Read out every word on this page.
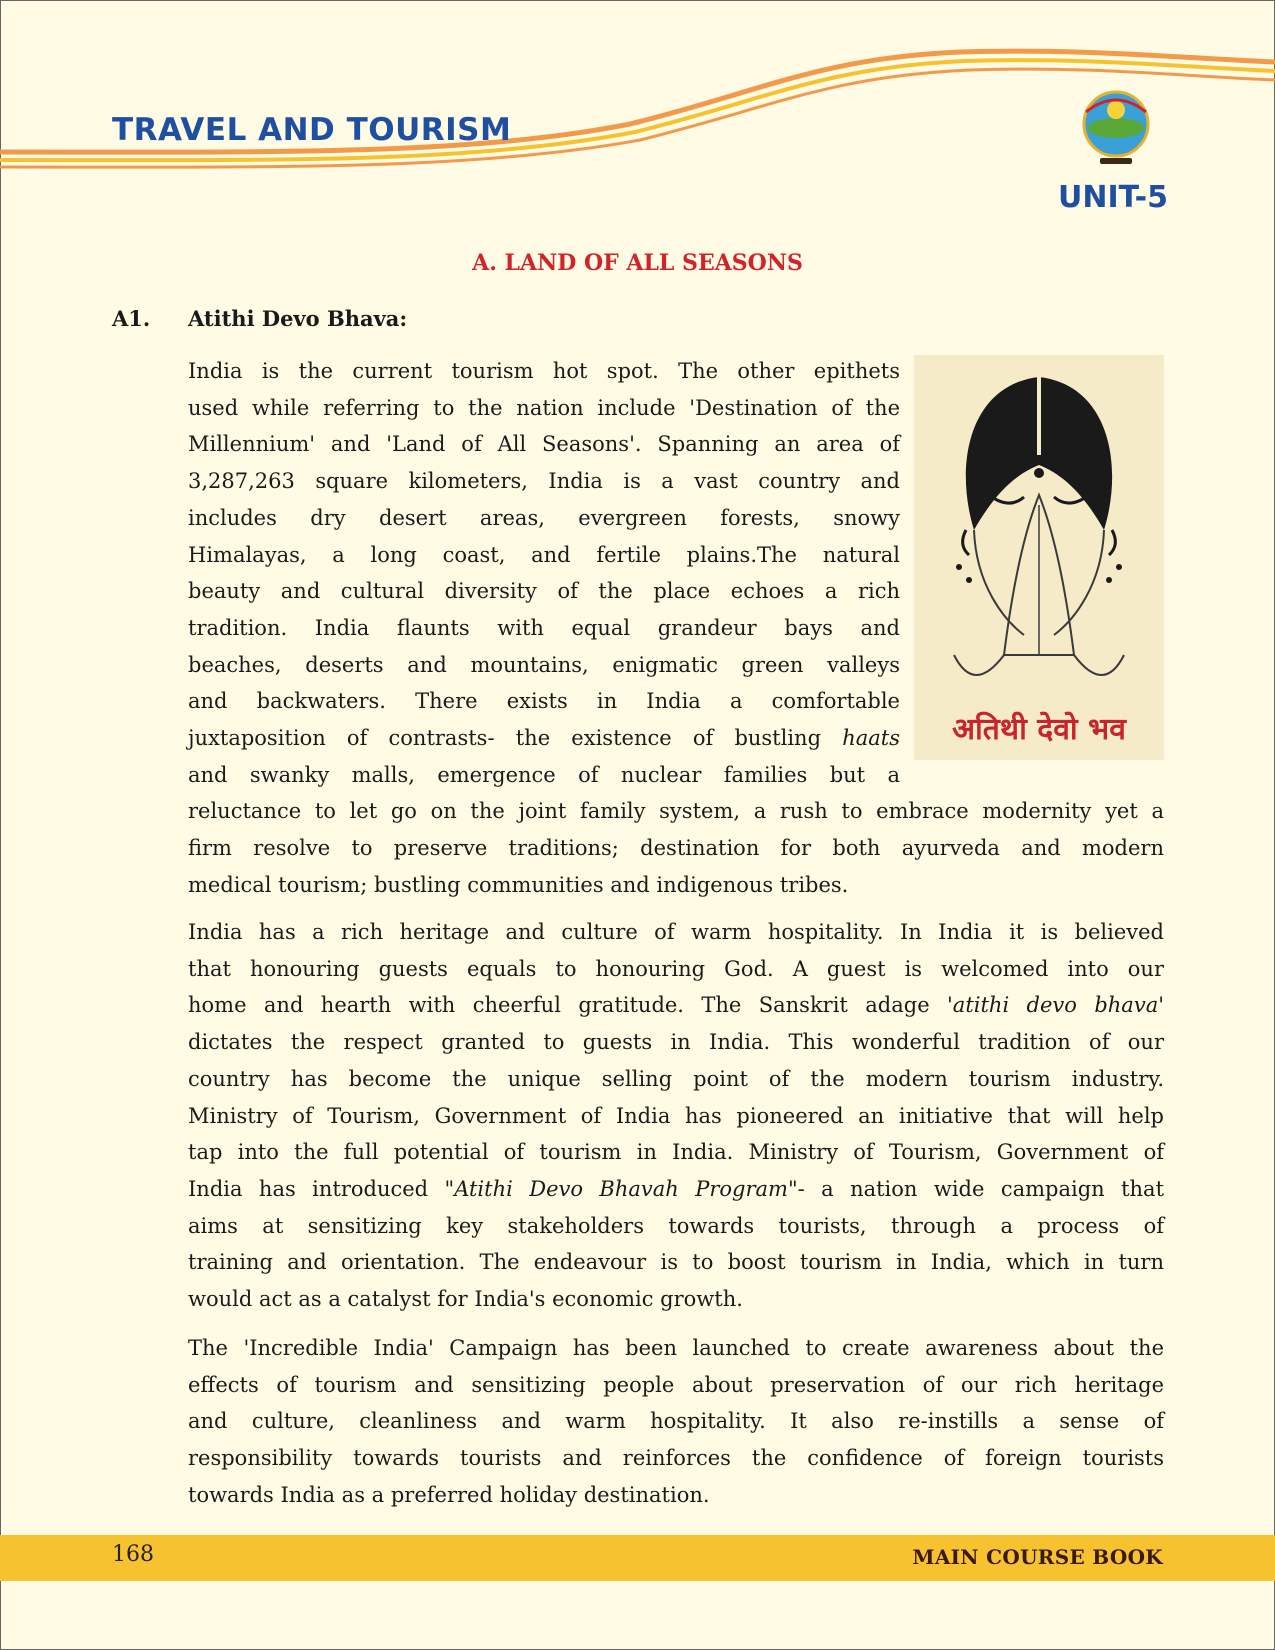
TRAVEL AND TOURISM
UNIT-5
A. LAND OF ALL SEASONS
A1. Atithi Devo Bhava:
अतिथी देवो भव
India is the current tourism hot spot. The other epithets
used while referring to the nation include 'Destination of the
Millennium' and 'Land of All Seasons'. Spanning an area of
3,287,263 square kilometers, India is a vast country and
includes dry desert areas, evergreen forests, snowy
Himalayas, a long coast, and fertile plains.The natural
beauty and cultural diversity of the place echoes a rich
tradition. India flaunts with equal grandeur bays and
beaches, deserts and mountains, enigmatic green valleys
and backwaters. There exists in India a comfortable
juxtaposition of contrasts- the existence of bustling haats
and swanky malls, emergence of nuclear families but a
reluctance to let go on the joint family system, a rush to embrace modernity yet a
firm resolve to preserve traditions; destination for both ayurveda and modern
medical tourism; bustling communities and indigenous tribes.
India has a rich heritage and culture of warm hospitality. In India it is believed
that honouring guests equals to honouring God. A guest is welcomed into our
home and hearth with cheerful gratitude. The Sanskrit adage 'atithi devo bhava'
dictates the respect granted to guests in India. This wonderful tradition of our
country has become the unique selling point of the modern tourism industry.
Ministry of Tourism, Government of India has pioneered an initiative that will help
tap into the full potential of tourism in India. Ministry of Tourism, Government of
India has introduced "Atithi Devo Bhavah Program"- a nation wide campaign that
aims at sensitizing key stakeholders towards tourists, through a process of
training and orientation. The endeavour is to boost tourism in India, which in turn
would act as a catalyst for India's economic growth.
The 'Incredible India' Campaign has been launched to create awareness about the
effects of tourism and sensitizing people about preservation of our rich heritage
and culture, cleanliness and warm hospitality. It also re-instills a sense of
responsibility towards tourists and reinforces the confidence of foreign tourists
towards India as a preferred holiday destination.
168	MAIN COURSE BOOK
